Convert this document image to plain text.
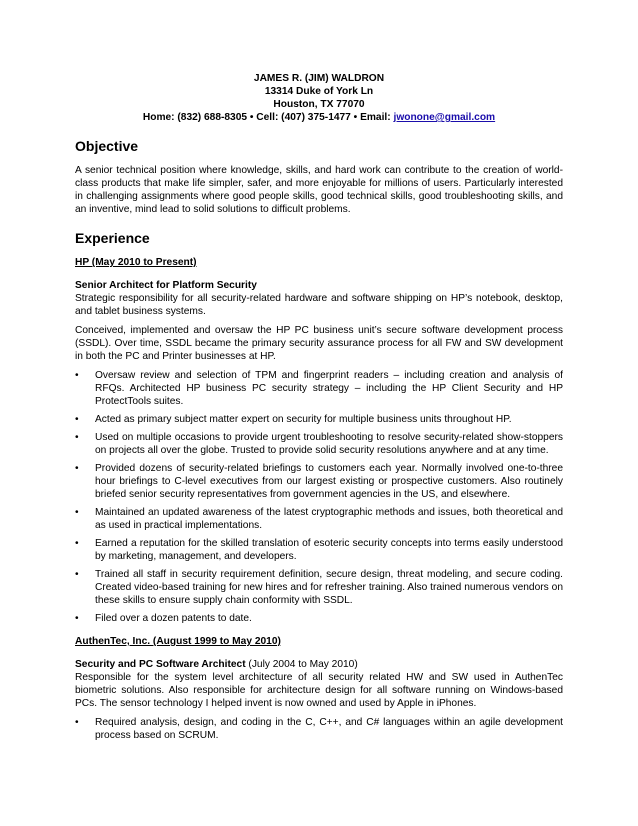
JAMES R. (JIM) WALDRON
13314 Duke of York Ln
Houston, TX 77070
Home: (832) 688-8305 • Cell: (407) 375-1477 • Email: jwonone@gmail.com
Objective

A senior technical position where knowledge, skills, and hard work can contribute to the creation of world-class products that make life simpler, safer, and more enjoyable for millions of users. Particularly interested in challenging assignments where good people skills, good technical skills, good troubleshooting skills, and an inventive, mind lead to solid solutions to difficult problems.

Experience
HP (May 2010 to Present)
Senior Architect for Platform Security

Strategic responsibility for all security-related hardware and software shipping on HP’s notebook, desktop, and tablet business systems.

Conceived, implemented and oversaw the HP PC business unit’s secure software development process (SSDL). Over time, SSDL became the primary security assurance process for all FW and SW development in both the PC and Printer businesses at HP.

• Oversaw review and selection of TPM and fingerprint readers – including creation and analysis of RFQs. Architected HP business PC security strategy – including the HP Client Security and HP ProtectTools suites.
• Acted as primary subject matter expert on security for multiple business units throughout HP.
• Used on multiple occasions to provide urgent troubleshooting to resolve security-related show-stoppers on projects all over the globe. Trusted to provide solid security resolutions anywhere and at any time.
• Provided dozens of security-related briefings to customers each year. Normally involved one-to-three hour briefings to C-level executives from our largest existing or prospective customers. Also routinely briefed senior security representatives from government agencies in the US, and elsewhere.
• Maintained an updated awareness of the latest cryptographic methods and issues, both theoretical and as used in practical implementations.
• Earned a reputation for the skilled translation of esoteric security concepts into terms easily understood by marketing, management, and developers.
• Trained all staff in security requirement definition, secure design, threat modeling, and secure coding. Created video-based training for new hires and for refresher training. Also trained numerous vendors on these skills to ensure supply chain conformity with SSDL.
• Filed over a dozen patents to date.
AuthenTec, Inc. (August 1999 to May 2010)
Security and PC Software Architect (July 2004 to May 2010)

Responsible for the system level architecture of all security related HW and SW used in AuthenTec biometric solutions. Also responsible for architecture design for all software running on Windows-based PCs. The sensor technology I helped invent is now owned and used by Apple in iPhones.

• Required analysis, design, and coding in the C, C++, and C# languages within an agile development process based on SCRUM.
